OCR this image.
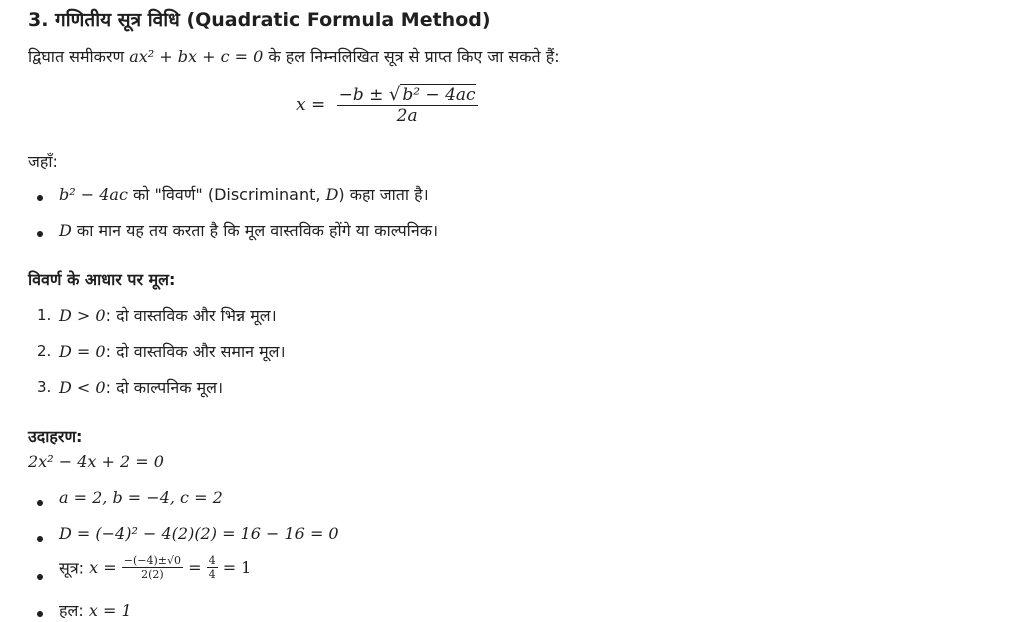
3. गणितीय सूत्र विधि (Quadratic Formula Method)
द्विघात समीकरण ax² + bx + c = 0 के हल निम्नलिखित सूत्र से प्राप्त किए जा सकते हैं:
$x = \frac{\text{−b ± √ b² − 4ac}}{2a}$
जहाँ:
b² − 4ac को "विवर्ण" (Discriminant, D) कहा जाता है।
D का मान यह तय करता है कि मूल वास्तविक होंगे या काल्पनिक।
विवर्ण के आधार पर मूल:
1. D > 0: दो वास्तविक और भिन्न मूल।
2. D = 0: दो वास्तविक और समान मूल।
3. D < 0: दो काल्पनिक मूल।
उदाहरण:
2x² − 4x + 2 = 0
a = 2, b = −4, c = 2
D = (−4)² − 4(2)(2) = 16 − 16 = 0
सूत्र: $x = \frac{-(-4)\pm√0}{2(2)} = \frac{4}{4} = 1$
हल: x = 1
